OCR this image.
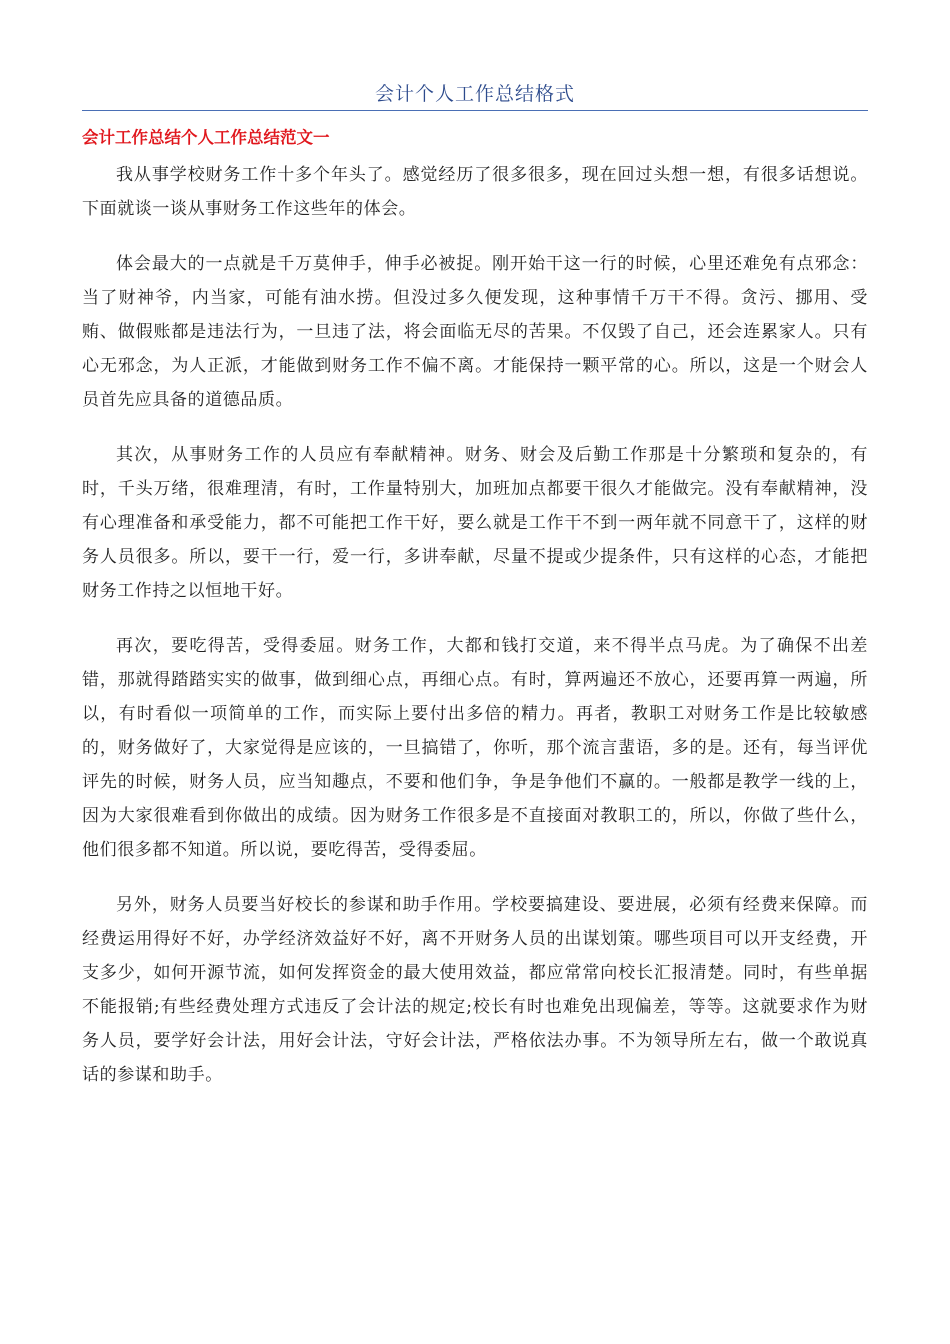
会计个人工作总结格式
会计工作总结个人工作总结范文一

我从事学校财务工作十多个年头了。感觉经历了很多很多，现在回过头想一想，有很多话想说。下面就谈一谈从事财务工作这些年的体会。

体会最大的一点就是千万莫伸手，伸手必被捉。刚开始干这一行的时候，心里还难免有点邪念：当了财神爷，内当家，可能有油水捞。但没过多久便发现，这种事情千万干不得。贪污、挪用、受贿、做假账都是违法行为，一旦违了法，将会面临无尽的苦果。不仅毁了自己，还会连累家人。只有心无邪念，为人正派，才能做到财务工作不偏不离。才能保持一颗平常的心。所以，这是一个财会人员首先应具备的道德品质。

其次，从事财务工作的人员应有奉献精神。财务、财会及后勤工作那是十分繁琐和复杂的，有时，千头万绪，很难理清，有时，工作量特别大，加班加点都要干很久才能做完。没有奉献精神，没有心理准备和承受能力，都不可能把工作干好，要么就是工作干不到一两年就不同意干了，这样的财务人员很多。所以，要干一行，爱一行，多讲奉献，尽量不提或少提条件，只有这样的心态，才能把财务工作持之以恒地干好。

再次，要吃得苦，受得委屈。财务工作，大都和钱打交道，来不得半点马虎。为了确保不出差错，那就得踏踏实实的做事，做到细心点，再细心点。有时，算两遍还不放心，还要再算一两遍，所以，有时看似一项简单的工作，而实际上要付出多倍的精力。再者，教职工对财务工作是比较敏感的，财务做好了，大家觉得是应该的，一旦搞错了，你听，那个流言蜚语，多的是。还有，每当评优评先的时候，财务人员，应当知趣点，不要和他们争，争是争他们不赢的。一般都是教学一线的上，因为大家很难看到你做出的成绩。因为财务工作很多是不直接面对教职工的，所以，你做了些什么，他们很多都不知道。所以说，要吃得苦，受得委屈。

另外，财务人员要当好校长的参谋和助手作用。学校要搞建设、要进展，必须有经费来保障。而经费运用得好不好，办学经济效益好不好，离不开财务人员的出谋划策。哪些项目可以开支经费，开支多少，如何开源节流，如何发挥资金的最大使用效益，都应常常向校长汇报清楚。同时，有些单据不能报销;有些经费处理方式违反了会计法的规定;校长有时也难免出现偏差，等等。这就要求作为财务人员，要学好会计法，用好会计法，守好会计法，严格依法办事。不为领导所左右，做一个敢说真话的参谋和助手。
